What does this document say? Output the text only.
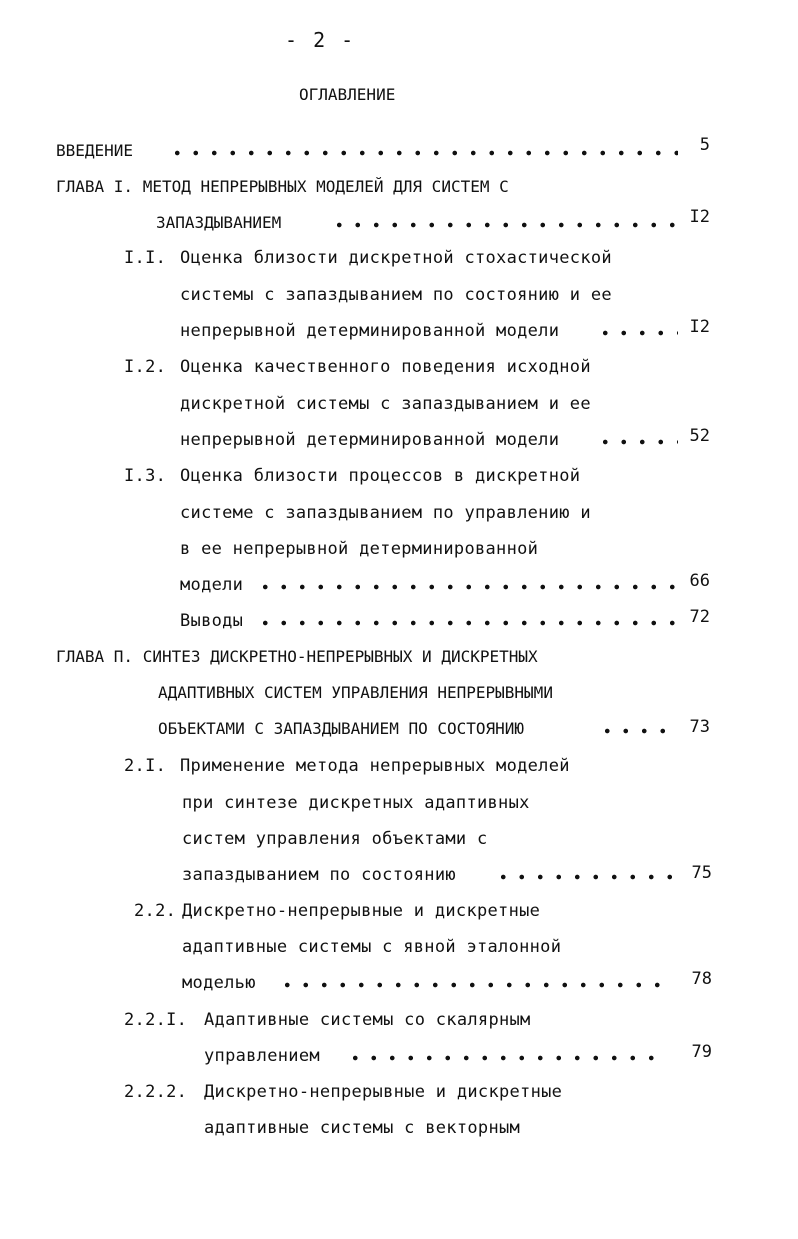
- 2 -
ОГЛАВЛЕНИЕ
ВВЕДЕНИЕ	5
ГЛАВА I. МЕТОД НЕПРЕРЫВНЫХ МОДЕЛЕЙ ДЛЯ СИСТЕМ С
ЗАПАЗДЫВАНИЕМ	I2
I.I. Оценка близости дискретной стохастической
системы с запаздыванием по состоянию и ее
непрерывной детерминированной модели	I2
I.2. Оценка качественного поведения исходной
дискретной системы с запаздыванием и ее
непрерывной детерминированной модели	52
I.3. Оценка близости процессов в дискретной
системе с запаздыванием по управлению и
в ее непрерывной детерминированной
модели	66
Выводы	72
ГЛАВА П. СИНТЕЗ ДИСКРЕТНО-НЕПРЕРЫВНЫХ И ДИСКРЕТНЫХ
АДАПТИВНЫХ СИСТЕМ УПРАВЛЕНИЯ НЕПРЕРЫВНЫМИ
ОБЪЕКТАМИ С ЗАПАЗДЫВАНИЕМ ПО СОСТОЯНИЮ	73
2.I. Применение метода непрерывных моделей
при синтезе дискретных адаптивных
систем управления объектами с
запаздыванием по состоянию	75
2.2. Дискретно-непрерывные и дискретные
адаптивные системы с явной эталонной
моделью	78
2.2.I. Адаптивные системы со скалярным
управлением	79
2.2.2. Дискретно-непрерывные и дискретные
адаптивные системы с векторным
